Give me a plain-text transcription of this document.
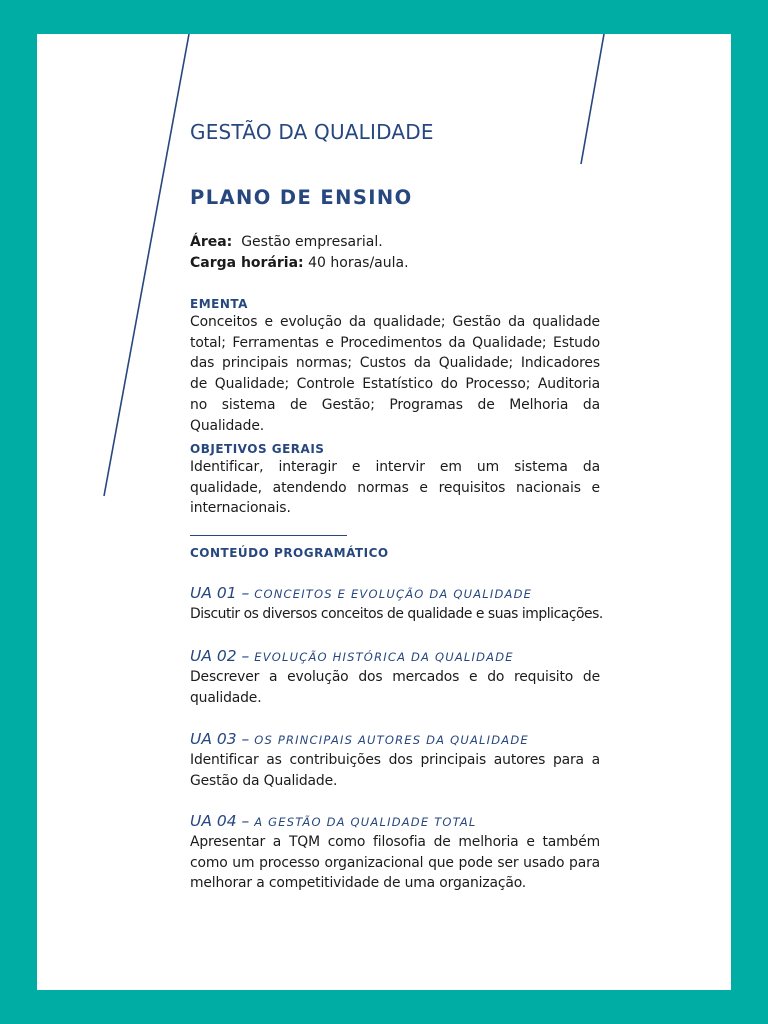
GESTÃO DA QUALIDADE
PLANO DE ENSINO
Área: Gestão empresarial.
Carga horária: 40 horas/aula.
EMENTA

Conceitos e evolução da qualidade; Gestão da qualidade total; Ferramentas e Procedimentos da Qualidade; Estudo das principais normas; Custos da Qualidade; Indicadores de Qualidade; Controle Estatístico do Processo; Auditoria no sistema de Gestão; Programas de Melhoria da Qualidade.

OBJETIVOS GERAIS

Identificar, interagir e intervir em um sistema da qualidade, atendendo normas e requisitos nacionais e internacionais.

CONTEÚDO PROGRAMÁTICO

UA 01 – CONCEITOS E EVOLUÇÃO DA QUALIDADE

Discutir os diversos conceitos de qualidade e suas implicações.

UA 02 – EVOLUÇÃO HISTÓRICA DA QUALIDADE

Descrever a evolução dos mercados e do requisito de qualidade.

UA 03 – OS PRINCIPAIS AUTORES DA QUALIDADE

Identificar as contribuições dos principais autores para a Gestão da Qualidade.

UA 04 – A GESTÃO DA QUALIDADE TOTAL

Apresentar a TQM como filosofia de melhoria e também como um processo organizacional que pode ser usado para melhorar a competitividade de uma organização.
